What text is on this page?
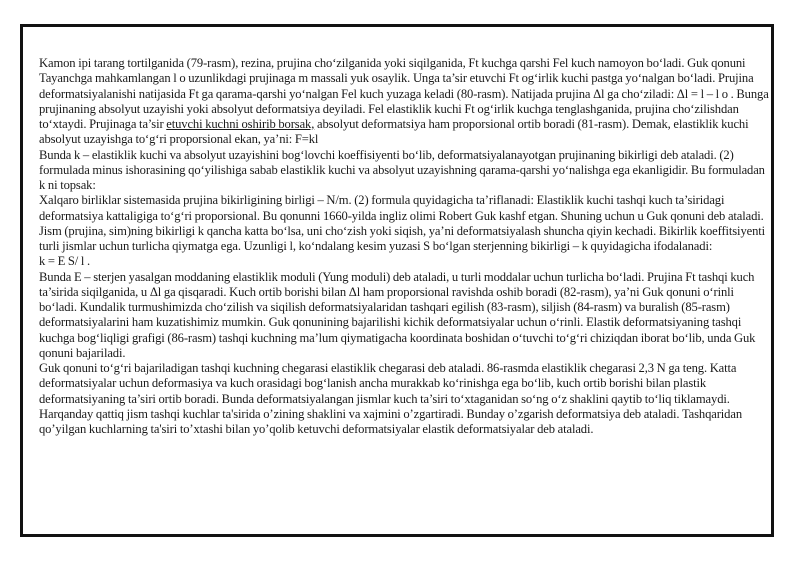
Kamon ipi tarang tortilganida (79-rasm), rezina, prujina cho‘zilganida yoki siqilganida, Ft kuchga qarshi Fel kuch namoyon bo‘ladi. Guk qonuni Tayanchga mahkamlangan l o uzunlikdagi prujinaga m massali yuk osaylik. Unga ta’sir etuvchi Ft og‘irlik kuchi pastga yo‘nalgan bo‘ladi. Prujina deformatsiyalanishi natijasida Ft ga qarama-qarshi yo‘nalgan Fel kuch yuzaga keladi (80-rasm). Natijada prujina Δl ga cho‘ziladi: Δl = l – l o . Bunga prujinaning absolyut uzayishi yoki absolyut deformatsiya deyiladi. Fel elastiklik kuchi Ft og‘irlik kuchga tenglashganida, prujina cho‘zilishdan to‘xtaydi. Prujinaga ta’sir etuvchi kuchni oshirib borsak, absolyut deformatsiya ham proporsional ortib boradi (81-rasm). Demak, elastiklik kuchi absolyut uzayishga to‘g‘ri proporsional ekan, ya’ni: F=kl

Bunda k – elastiklik kuchi va absolyut uzayishini bog‘lovchi koeffisiyenti bo‘lib, deformatsiyalanayotgan prujinaning bikirligi deb ataladi. (2) formulada minus ishorasining qo‘yilishiga sabab elastiklik kuchi va absolyut uzayishning qarama-qarshi yo‘nalishga ega ekanligidir. Bu formuladan k ni topsak:

Xalqaro birliklar sistemasida prujina bikirligining birligi – N/m. (2) formula quyidagicha ta’riflanadi: Elastiklik kuchi tashqi kuch ta’siridagi deformatsiya kattaligiga to‘g‘ri proporsional. Bu qonunni 1660-yilda ingliz olimi Robert Guk kashf etgan. Shuning uchun u Guk qonuni deb ataladi. Jism (prujina, sim)ning bikirligi k qancha katta bo‘lsa, uni cho‘zish yoki siqish, ya’ni deformatsiyalash shuncha qiyin kechadi. Bikirlik koeffitsiyenti turli jismlar uchun turlicha qiymatga ega. Uzunligi l, ko‘ndalang kesim yuzasi S bo‘lgan sterjenning bikirligi – k quyidagicha ifodalanadi:

k = E S/ l .

Bunda E – sterjen yasalgan moddaning elastiklik moduli (Yung moduli) deb ataladi, u turli moddalar uchun turlicha bo‘ladi. Prujina Ft tashqi kuch ta’sirida siqilganida, u Δl ga qisqaradi. Kuch ortib borishi bilan Δl ham proporsional ravishda oshib boradi (82-rasm), ya’ni Guk qonuni o‘rinli bo‘ladi. Kundalik turmushimizda cho‘zilish va siqilish deformatsiyalaridan tashqari egilish (83-rasm), siljish (84-rasm) va buralish (85-rasm) deformatsiyalarini ham kuzatishimiz mumkin. Guk qonunining bajarilishi kichik deformatsiyalar uchun o‘rinli. Elastik deformatsiyaning tashqi kuchga bog‘liqligi grafigi (86-rasm) tashqi kuchning ma’lum qiymatigacha koordinata boshidan o‘tuvchi to‘g‘ri chiziqdan iborat bo‘lib, unda Guk qonuni bajariladi.

Guk qonuni to‘g‘ri bajariladigan tashqi kuchning chegarasi elastiklik chegarasi deb ataladi. 86-rasmda elastiklik chegarasi 2,3 N ga teng. Katta deformatsiyalar uchun deformasiya va kuch orasidagi bog‘lanish ancha murakkab ko‘rinishga ega bo‘lib, kuch ortib borishi bilan plastik deformatsiyaning ta’siri ortib boradi. Bunda deformatsiyalangan jismlar kuch ta’siri to‘xtaganidan so‘ng o‘z shaklini qaytib to‘liq tiklamaydi.

Harqanday qattiq jism tashqi kuchlar ta'sirida o’zining shaklini va xajmini o’zgartiradi. Bunday o’zgarish deformatsiya deb ataladi. Tashqaridan qo’yilgan kuchlarning ta'siri to’xtashi bilan yo’qolib ketuvchi deformatsiyalar elastik deformatsiyalar deb ataladi.
